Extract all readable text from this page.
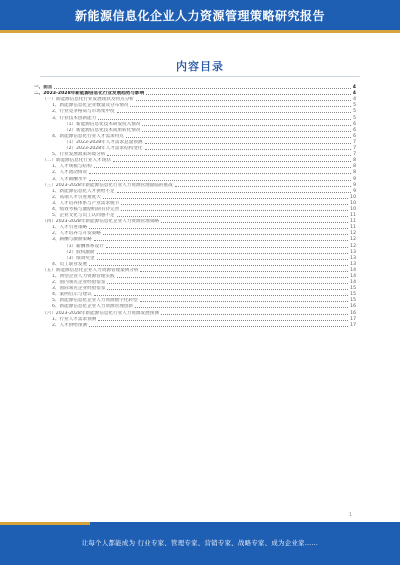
新能源信息化企业人力资源管理策略研究报告
内容目录
一、前言	4
二、2023-2028年新能源信息化行业发展趋势与影响	4
（一）新能源信息化行业发展现状及特点分析	4
1、新能源信息化企业数量及分布情况	5
2、行业竞争格局与市场集中度	5
3、行业技术创新能力	5
（1）新能源信息化技术研发投入情况	6
（2）新能源信息化技术成果转化情况	6
4、新能源信息化行业人才需求特点	6
（1）2023-2028年人才需求总量预测	7
（2）2023-2028年人才需求结构变化	7
5、行业发展政策环境分析	7
（二）新能源信息化行业人才现状	8
1、人才规模与结构	8
2、人才流动情况	8
3、人才薪酬水平	9
（三）2023-2028年新能源信息化行业人力资源管理面临的挑战	9
1、新能源信息化人才供给不足	9
2、高端人才引进难度大	10
3、人才培养体系与产业需求脱节	10
4、绩效考核与激励机制有待完善	10
5、企业文化与员工认同感不足	11
（四）2023-2028年新能源信息化企业人力资源管理策略	11
1、人才引进策略	11
2、人才培养与开发策略	12
3、薪酬与激励策略	12
（1）薪酬体系设计	12
（2）股权激励	13
（3）绩效奖金	13
4、员工职业发展	13
（五）新能源信息化企业人力资源管理案例分析	14
1、典型企业人力资源管理实践	14
2、国内领先企业经验借鉴	14
3、国际领先企业经验借鉴	15
4、案例启示与建议	15
5、新能源信息化企业人力资源数字化转型	15
6、新能源信息化企业人力资源管理创新	16
（六）2023-2028年新能源信息化行业人力资源发展预测	16
1、行业人才需求预测	17
2、人才供给预测	17
1
让每个人都能成为 行业专家、管理专家、营销专家、战略专家、成为企业家……
